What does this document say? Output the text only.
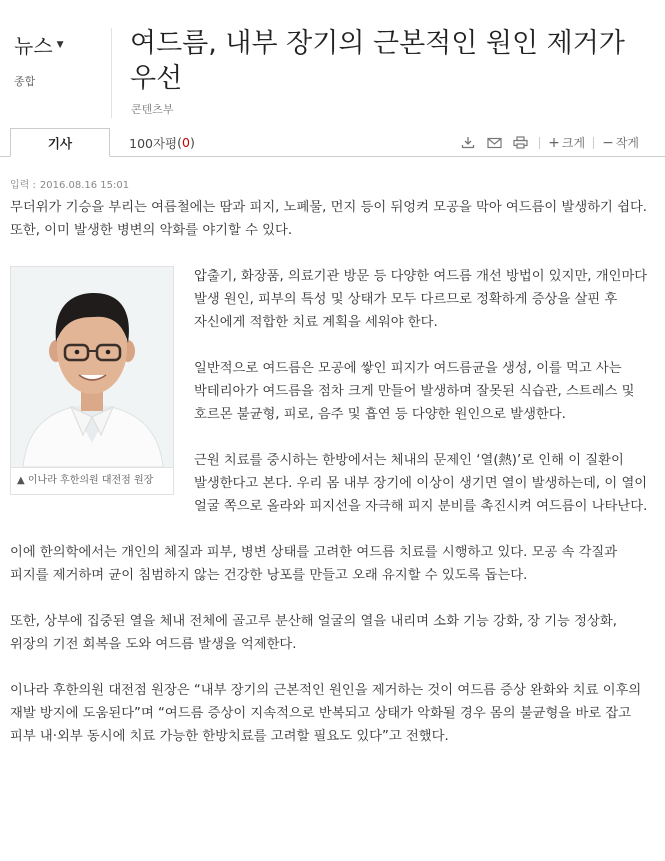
뉴스 ▼
종합
여드름, 내부 장기의 근본적인 원인 제거가 우선
콘텐츠부
기사	100자평 ( 0 )	+ 크게 − 작게
입력 : 2016.08.16 15:01

무더위가 기승을 부리는 여름철에는 땀과 피지, 노폐물, 먼지 등이 뒤엉켜 모공을 막아 여드름이 발생하기 쉽다. 또한, 이미 발생한 병변의 악화를 야기할 수 있다.

▲ 이나라 후한의원 대전점 원장

압출기, 화장품, 의료기관 방문 등 다양한 여드름 개선 방법이 있지만, 개인마다 발생 원인, 피부의 특성 및 상태가 모두 다르므로 정확하게 증상을 살핀 후 자신에게 적합한 치료 계획을 세워야 한다.

일반적으로 여드름은 모공에 쌓인 피지가 여드름균을 생성, 이를 먹고 사는 박테리아가 여드름을 점차 크게 만들어 발생하며 잘못된 식습관, 스트레스 및 호르몬 불균형, 피로, 음주 및 흡연 등 다양한 원인으로 발생한다.

근원 치료를 중시하는 한방에서는 체내의 문제인 ‘열(熱)’로 인해 이 질환이 발생한다고 본다. 우리 몸 내부 장기에 이상이 생기면 열이 발생하는데, 이 열이 얼굴 쪽으로 올라와 피지선을 자극해 피지 분비를 촉진시켜 여드름이 나타난다.

이에 한의학에서는 개인의 체질과 피부, 병변 상태를 고려한 여드름 치료를 시행하고 있다. 모공 속 각질과 피지를 제거하며 균이 침범하지 않는 건강한 낭포를 만들고 오래 유지할 수 있도록 돕는다.

또한, 상부에 집중된 열을 체내 전체에 골고루 분산해 얼굴의 열을 내리며 소화 기능 강화, 장 기능 정상화, 위장의 기전 회복을 도와 여드름 발생을 억제한다.

이나라 후한의원 대전점 원장은 “내부 장기의 근본적인 원인을 제거하는 것이 여드름 증상 완화와 치료 이후의 재발 방지에 도움된다”며 “여드름 증상이 지속적으로 반복되고 상태가 악화될 경우 몸의 불균형을 바로 잡고 피부 내·외부 동시에 치료 가능한 한방치료를 고려할 필요도 있다”고 전했다.
